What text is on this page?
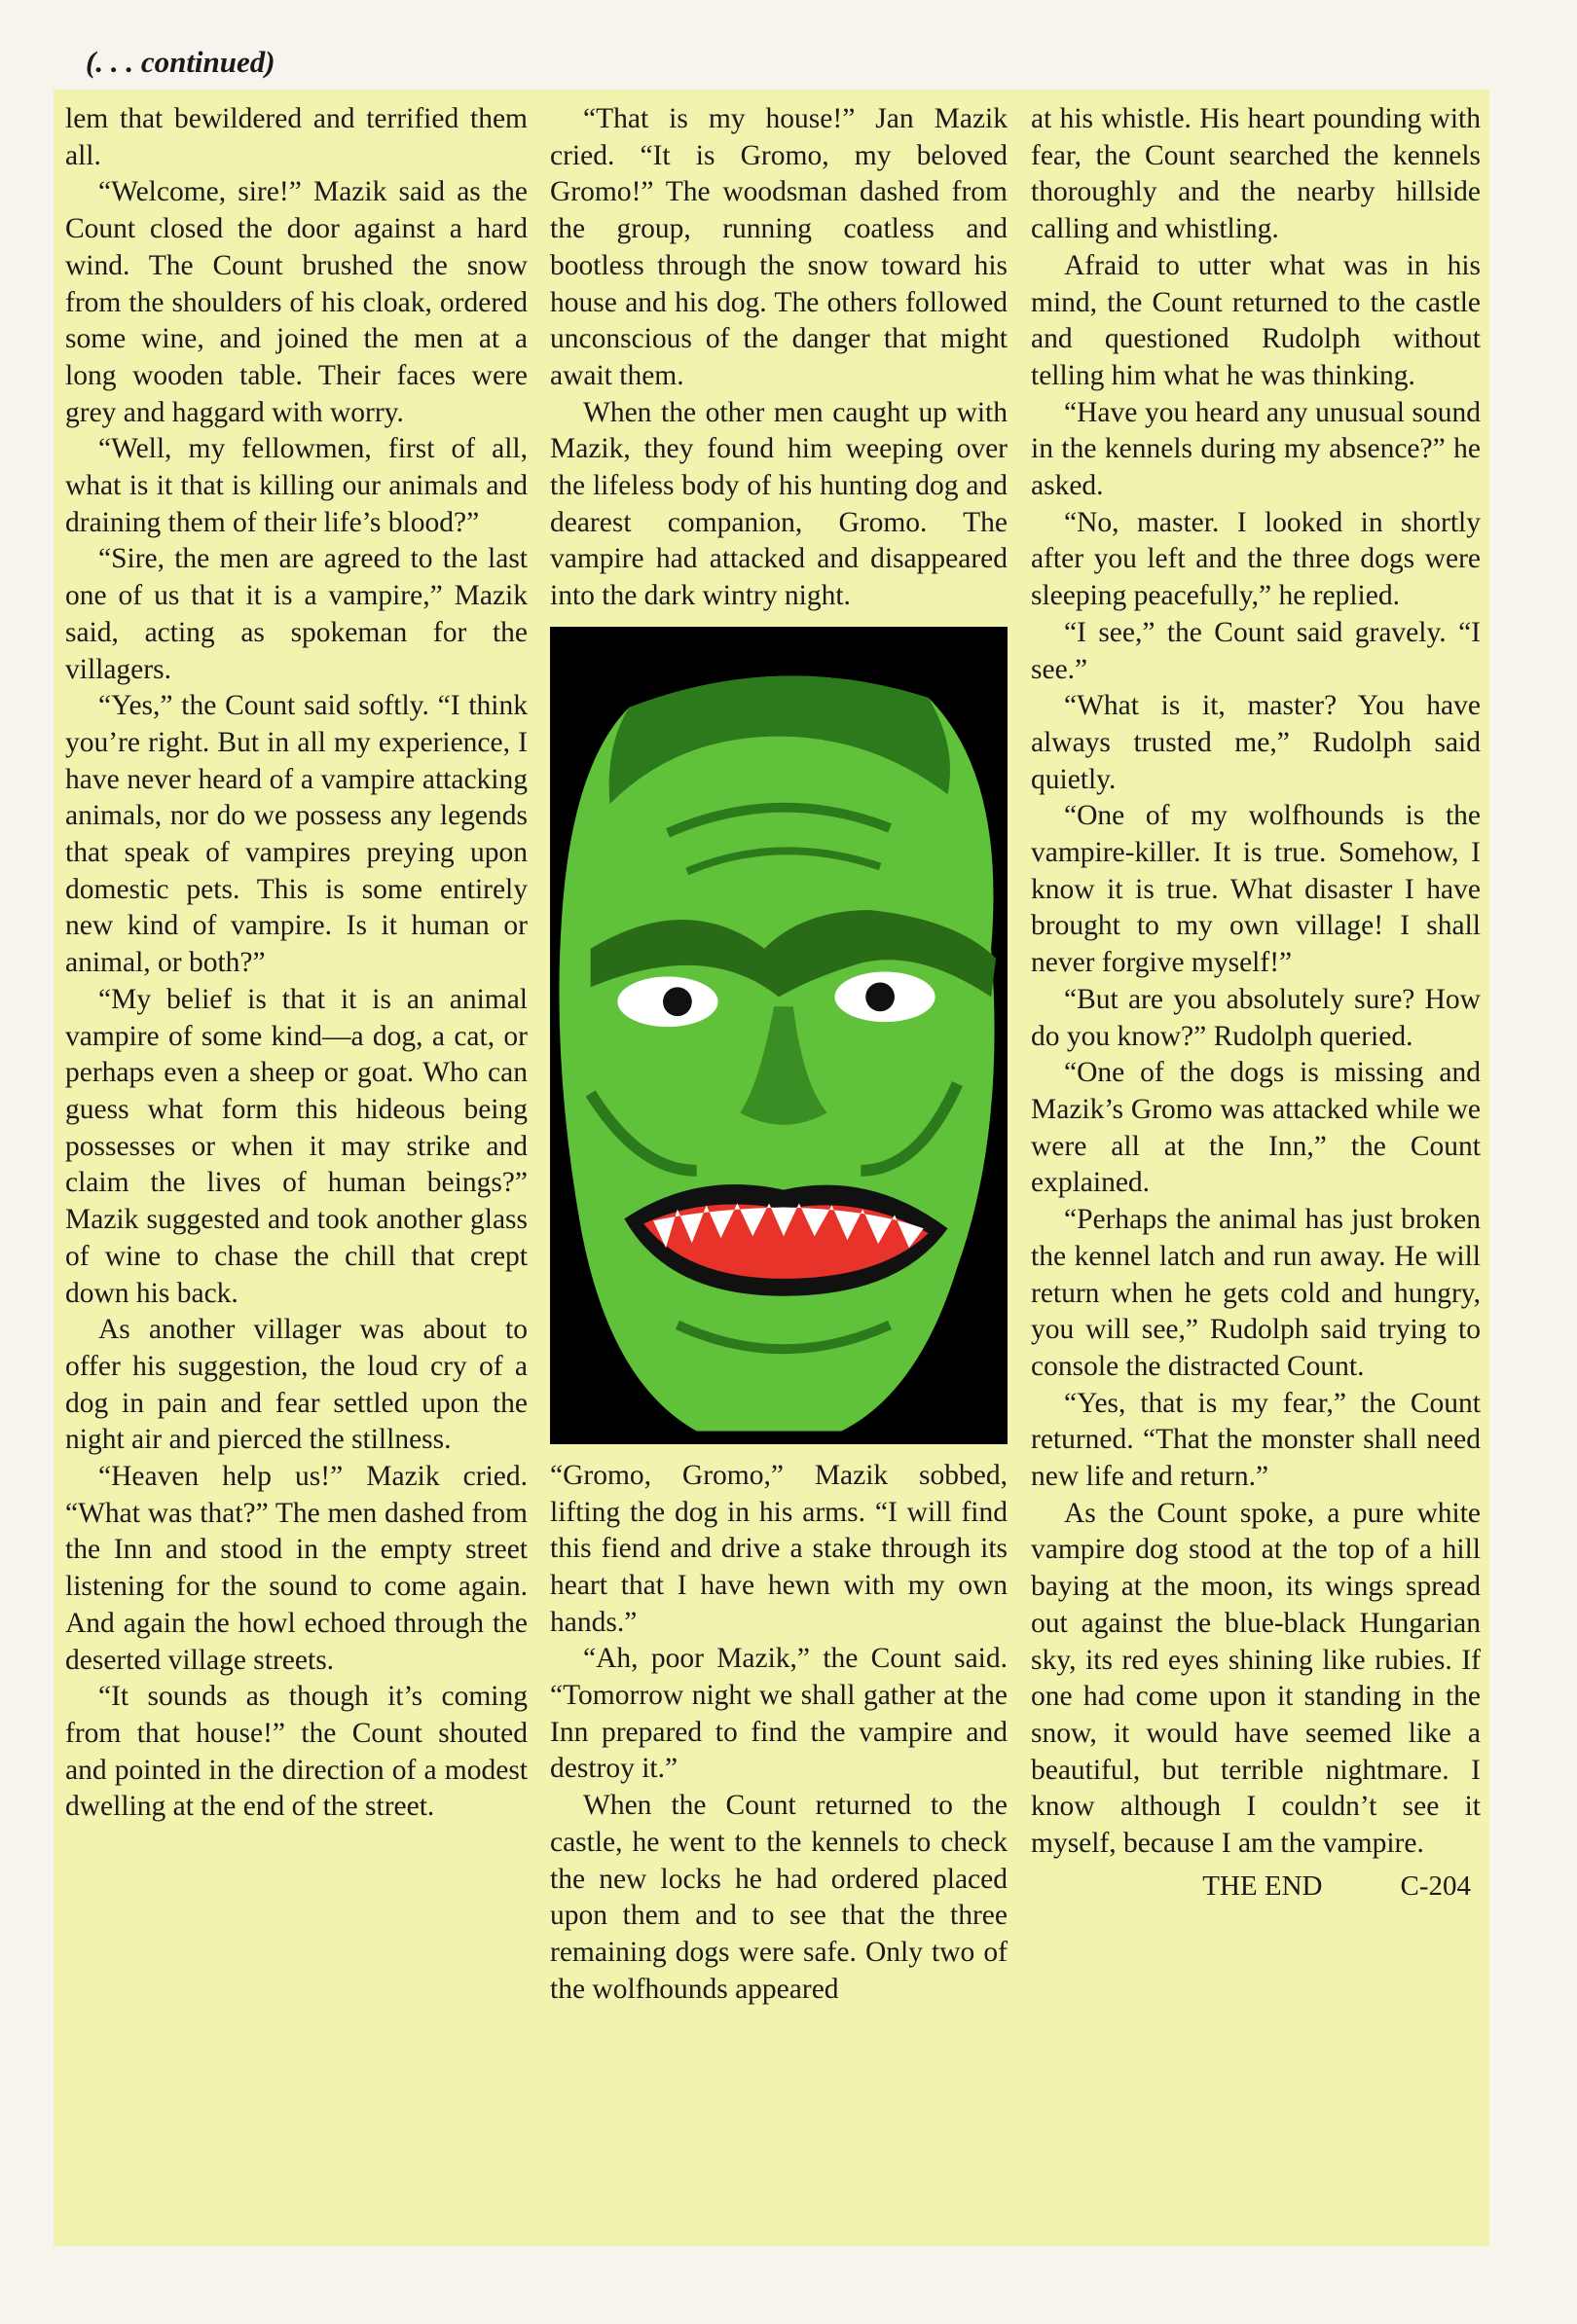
(. . . continued)

lem that bewildered and terrified them all.

“Welcome, sire!” Mazik said as the Count closed the door against a hard wind. The Count brushed the snow from the shoulders of his cloak, ordered some wine, and joined the men at a long wooden table. Their faces were grey and haggard with worry.

“Well, my fellowmen, first of all, what is it that is killing our animals and draining them of their life’s blood?”

“Sire, the men are agreed to the last one of us that it is a vampire,” Mazik said, acting as spokeman for the villagers.

“Yes,” the Count said softly. “I think you’re right. But in all my experience, I have never heard of a vampire attacking animals, nor do we possess any legends that speak of vampires preying upon domestic pets. This is some entirely new kind of vampire. Is it human or animal, or both?”

“My belief is that it is an animal vampire of some kind—a dog, a cat, or perhaps even a sheep or goat. Who can guess what form this hideous being possesses or when it may strike and claim the lives of human beings?” Mazik suggested and took another glass of wine to chase the chill that crept down his back.

As another villager was about to offer his suggestion, the loud cry of a dog in pain and fear settled upon the night air and pierced the stillness.

“Heaven help us!” Mazik cried. “What was that?” The men dashed from the Inn and stood in the empty street listening for the sound to come again. And again the howl echoed through the deserted village streets.

“It sounds as though it’s coming from that house!” the Count shouted and pointed in the direction of a modest dwelling at the end of the street.

“That is my house!” Jan Mazik cried. “It is Gromo, my beloved Gromo!” The woodsman dashed from the group, running coatless and bootless through the snow toward his house and his dog. The others followed unconscious of the danger that might await them.

When the other men caught up with Mazik, they found him weeping over the lifeless body of his hunting dog and dearest companion, Gromo. The vampire had attacked and disappeared into the dark wintry night.

“Gromo, Gromo,” Mazik sobbed, lifting the dog in his arms. “I will find this fiend and drive a stake through its heart that I have hewn with my own hands.”

“Ah, poor Mazik,” the Count said. “Tomorrow night we shall gather at the Inn prepared to find the vampire and destroy it.”

When the Count returned to the castle, he went to the kennels to check the new locks he had ordered placed upon them and to see that the three remaining dogs were safe. Only two of the wolfhounds appeared

at his whistle. His heart pounding with fear, the Count searched the kennels thoroughly and the nearby hillside calling and whistling.

Afraid to utter what was in his mind, the Count returned to the castle and questioned Rudolph without telling him what he was thinking.

“Have you heard any unusual sound in the kennels during my absence?” he asked.

“No, master. I looked in shortly after you left and the three dogs were sleeping peacefully,” he replied.

“I see,” the Count said gravely. “I see.”

“What is it, master? You have always trusted me,” Rudolph said quietly.

“One of my wolfhounds is the vampire-killer. It is true. Somehow, I know it is true. What disaster I have brought to my own village! I shall never forgive myself!”

“But are you absolutely sure? How do you know?” Rudolph queried.

“One of the dogs is missing and Mazik’s Gromo was attacked while we were all at the Inn,” the Count explained.

“Perhaps the animal has just broken the kennel latch and run away. He will return when he gets cold and hungry, you will see,” Rudolph said trying to console the distracted Count.

“Yes, that is my fear,” the Count returned. “That the monster shall need new life and return.”

As the Count spoke, a pure white vampire dog stood at the top of a hill baying at the moon, its wings spread out against the blue-black Hungarian sky, its red eyes shining like rubies. If one had come upon it standing in the snow, it would have seemed like a beautiful, but terrible nightmare. I know although I couldn’t see it myself, because I am the vampire.

THE END	C-204
